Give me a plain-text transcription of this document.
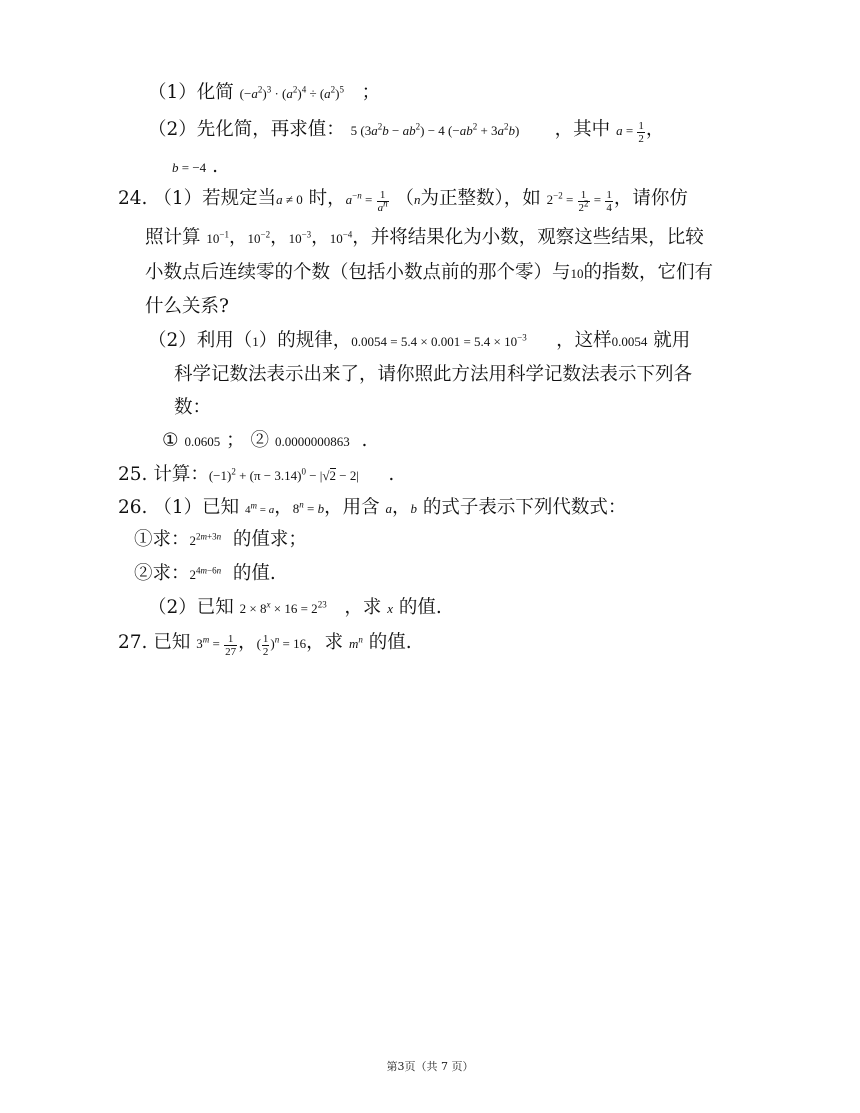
（1）化简 $(-a^2)^3 \cdot (a^2)^4 \div (a^2)^5$ ；
（2）先化简，再求值： 5 $(3a^2b - ab^2) - 4$ $(-ab^2 + 3a^2b)$ ，其中 $a = \frac{1}{2}$ ，
b = −4 .
24. （1）若规定当a ≠ 0 时，$a^{-n} = \frac{1}{a^n} (n$为正整数），如 $2^{-2} = \frac{1}{2^2} = \frac{1}{4}$ ，请你仿
照计算 $10^{-1}$，$10^{-2}$，$10^{-3}$，$10^{-4}$，并将结果化为小数，观察这些结果，比较
小数点后连续零的个数（包括小数点前的那个零）与10的指数，它们有
什么关系?
（2）利用（1）的规律，$0.0054 = 5.4 \times 0.001 = 5.4 \times 10^{-3}$ ，这样0.0054 就用
科学记数法表示出来了，请你照此方法用科学记数法表示下列各
数：
① 0.0605 ； ② 0.0000000863 .
25. 计算：$(-1)^2 + (\pi - 3.14)^0 - |√2 - 2|$ .
26. （1）已知 $4^m = a$，$8^n = b$，用含 a，b 的式子表示下列代数式：
①求：$2^{2m+3n}$ 的值求；
②求：$2^{4m-6n}$ 的值.
（2）已知 $2 \times 8^x \times 16 = 2^{23}$ ，求 x 的值.
27. 已知 $3^m = \frac{1}{27}$ ，( $\frac{1}{2} )^n = 16$，求 $m^n$ 的值.
第3页（共 7 页）
